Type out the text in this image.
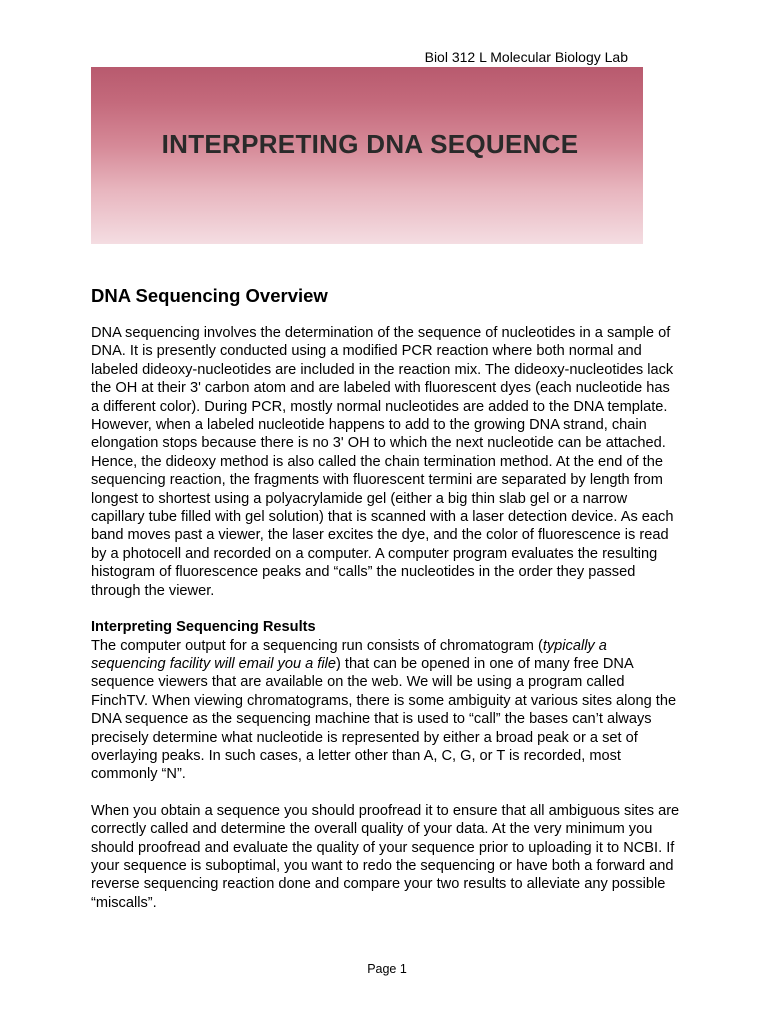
Biol 312 L Molecular Biology Lab
INTERPRETING DNA SEQUENCE
DNA Sequencing Overview

DNA sequencing involves the determination of the sequence of nucleotides in a sample of DNA. It is presently conducted using a modified PCR reaction where both normal and labeled dideoxy-nucleotides are included in the reaction mix. The dideoxy-nucleotides lack the OH at their 3' carbon atom and are labeled with fluorescent dyes (each nucleotide has a different color). During PCR, mostly normal nucleotides are added to the DNA template. However, when a labeled nucleotide happens to add to the growing DNA strand, chain elongation stops because there is no 3' OH to which the next nucleotide can be attached. Hence, the dideoxy method is also called the chain termination method. At the end of the sequencing reaction, the fragments with fluorescent termini are separated by length from longest to shortest using a polyacrylamide gel (either a big thin slab gel or a narrow capillary tube filled with gel solution) that is scanned with a laser detection device. As each band moves past a viewer, the laser excites the dye, and the color of fluorescence is read by a photocell and recorded on a computer. A computer program evaluates the resulting histogram of fluorescence peaks and “calls” the nucleotides in the order they passed through the viewer.

Interpreting Sequencing Results
The computer output for a sequencing run consists of chromatogram (typically a sequencing facility will email you a file) that can be opened in one of many free DNA sequence viewers that are available on the web. We will be using a program called FinchTV. When viewing chromatograms, there is some ambiguity at various sites along the DNA sequence as the sequencing machine that is used to “call” the bases can’t always precisely determine what nucleotide is represented by either a broad peak or a set of overlaying peaks. In such cases, a letter other than A, C, G, or T is recorded, most commonly “N”.

When you obtain a sequence you should proofread it to ensure that all ambiguous sites are correctly called and determine the overall quality of your data. At the very minimum you should proofread and evaluate the quality of your sequence prior to uploading it to NCBI. If your sequence is suboptimal, you want to redo the sequencing or have both a forward and reverse sequencing reaction done and compare your two results to alleviate any possible “miscalls”.

Page 1
